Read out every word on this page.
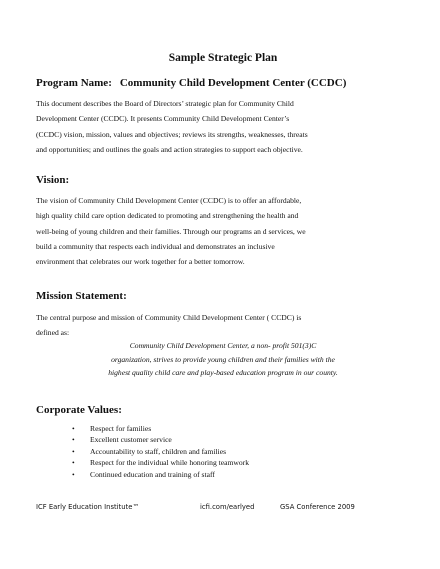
Sample Strategic Plan
Program Name: Community Child Development Center (CCDC)
This document describes the Board of Directors’ strategic plan for Community Child
Development Center (CCDC). It presents Community Child Development Center’s
(CCDC) vision, mission, values and objectives; reviews its strengths, weaknesses, threats
and opportunities; and outlines the goals and action strategies to support each objective.
Vision:
The vision of Community Child Development Center (CCDC) is to offer an affordable,
high quality child care option dedicated to promoting and strengthening the health and
well-being of young children and their families. Through our programs an d services, we
build a community that respects each individual and demonstrates an inclusive
environment that celebrates our work together for a better tomorrow.
Mission Statement:
The central purpose and mission of Community Child Development Center ( CCDC) is
defined as:
Community Child Development Center, a non- profit 501(3)C
organization, strives to provide young children and their families with the
highest quality child care and play-based education program in our county.
Corporate Values:
• Respect for families
• Excellent customer service
• Accountability to staff, children and families
• Respect for the individual while honoring teamwork
• Continued education and training of staff
ICF Early Education Institute™	icfi.com/earlyed	GSA Conference 2009
